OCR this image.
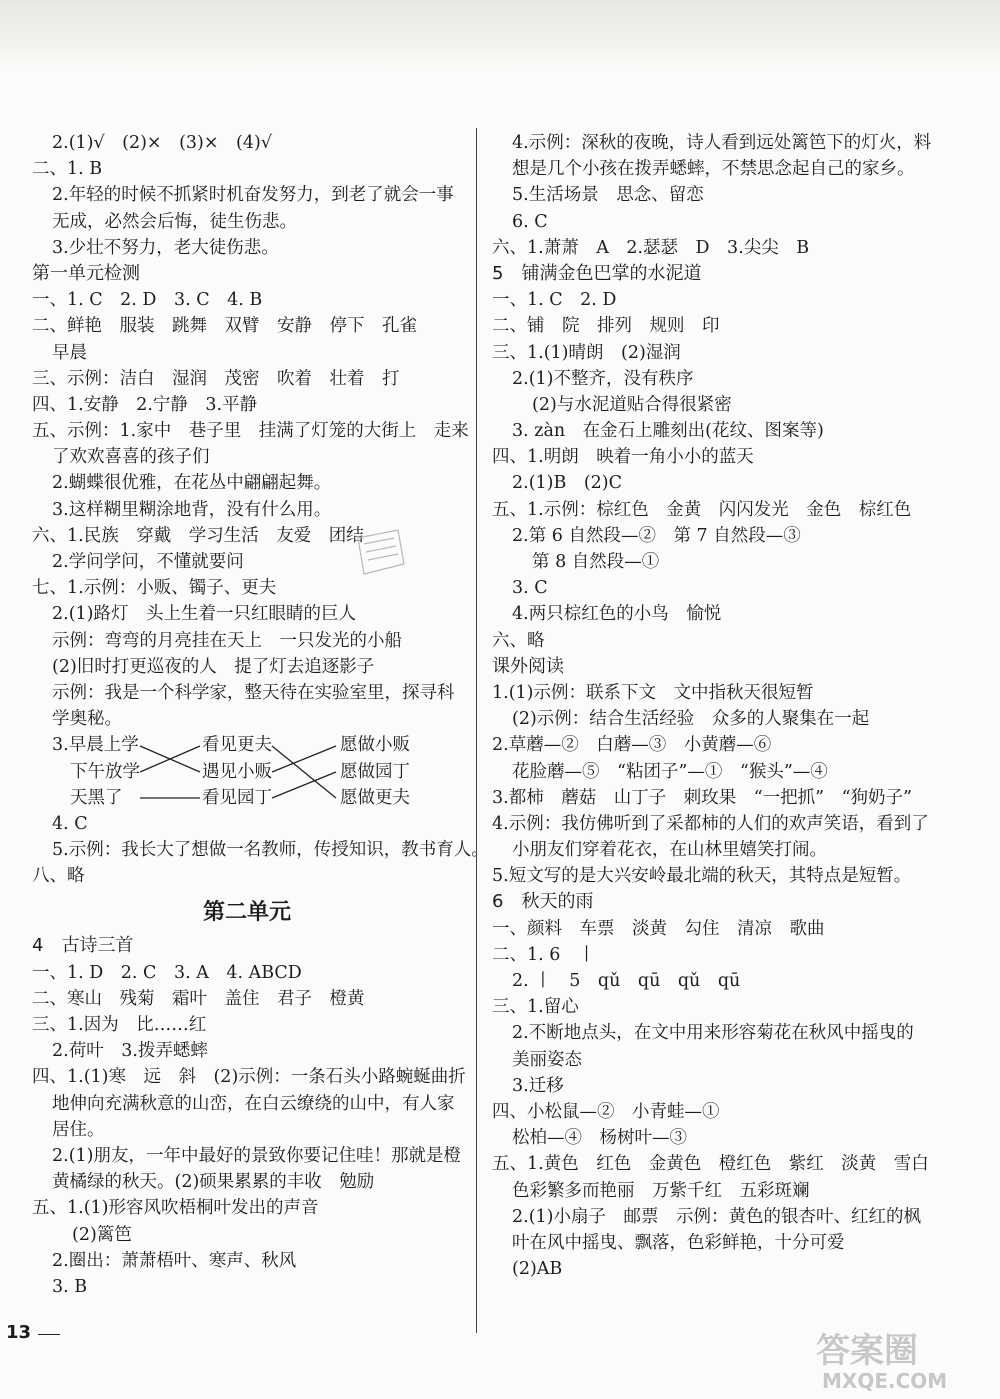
2.(1)√　(2)×　(3)×　(4)√
二、1. B
2.年轻的时候不抓紧时机奋发努力，到老了就会一事
无成，必然会后悔，徒生伤悲。
3.少壮不努力，老大徒伤悲。
第一单元检测
一、1. C　2. D　3. C　4. B
二、鲜艳　服装　跳舞　双臂　安静　停下　孔雀
早晨
三、示例：洁白　湿润　茂密　吹着　壮着　打
四、1.安静　2.宁静　3.平静
五、示例：1.家中　巷子里　挂满了灯笼的大街上　走来
了欢欢喜喜的孩子们
2.蝴蝶很优雅，在花丛中翩翩起舞。
3.这样糊里糊涂地背，没有什么用。
六、1.民族　穿戴　学习生活　友爱　团结
2.学问学问，不懂就要问
七、1.示例：小贩、镯子、更夫
2.(1)路灯　头上生着一只红眼睛的巨人
示例：弯弯的月亮挂在天上　一只发光的小船
(2)旧时打更巡夜的人　提了灯去追逐影子
示例：我是一个科学家，整天待在实验室里，探寻科
学奥秘。
3.早晨上学
下午放学
天黑了
看见更夫
遇见小贩
看见园丁
愿做小贩
愿做园丁
愿做更夫
4. C
5.示例：我长大了想做一名教师，传授知识，教书育人。
八、略
第二单元
4　古诗三首
一、1. D　2. C　3. A　4. ABCD
二、寒山　残菊　霜叶　盖住　君子　橙黄
三、1.因为　比……红
2.荷叶　3.拨弄蟋蟀
四、1.(1)寒　远　斜　(2)示例：一条石头小路蜿蜒曲折
地伸向充满秋意的山峦，在白云缭绕的山中，有人家
居住。
2.(1)朋友，一年中最好的景致你要记住哇！那就是橙
黄橘绿的秋天。(2)硕果累累的丰收　勉励
五、1.(1)形容风吹梧桐叶发出的声音
(2)篱笆
2.圈出：萧萧梧叶、寒声、秋风
3. B
4.示例：深秋的夜晚，诗人看到远处篱笆下的灯火，料
想是几个小孩在拨弄蟋蟀，不禁思念起自己的家乡。
5.生活场景　思念、留恋
6. C
六、1.萧萧　A　2.瑟瑟　D　3.尖尖　B
5　铺满金色巴掌的水泥道
一、1. C　2. D
二、铺　院　排列　规则　印
三、1.(1)晴朗　(2)湿润
2.(1)不整齐，没有秩序
(2)与水泥道贴合得很紧密
3. zàn　在金石上雕刻出(花纹、图案等)
四、1.明朗　映着一角小小的蓝天
2.(1)B　(2)C
五、1.示例：棕红色　金黄　闪闪发光　金色　棕红色
2.第 6 自然段—②　第 7 自然段—③
第 8 自然段—①
3. C
4.两只棕红色的小鸟　愉悦
六、略
课外阅读
1.(1)示例：联系下文　文中指秋天很短暂
(2)示例：结合生活经验　众多的人聚集在一起
2.草蘑—②　白蘑—③　小黄蘑—⑥
花脸蘑—⑤　“粘团子”—①　“猴头”—④
3.都柿　蘑菇　山丁子　刺玫果　“一把抓”　“狗奶子”
4.示例：我仿佛听到了采都柿的人们的欢声笑语，看到了
小朋友们穿着花衣，在山林里嬉笑打闹。
5.短文写的是大兴安岭最北端的秋天，其特点是短暂。
6　秋天的雨
一、颜料　车票　淡黄　勾住　清凉　歌曲
二、1. 6　丨
2. 丨　5　qǔ　qū　qǔ　qū
三、1.留心
2.不断地点头，在文中用来形容菊花在秋风中摇曳的
美丽姿态
3.迁移
四、小松鼠—②　小青蛙—①
松柏—④　杨树叶—③
五、1.黄色　红色　金黄色　橙红色　紫红　淡黄　雪白
色彩繁多而艳丽　万紫千红　五彩斑斓
2.(1)小扇子　邮票　示例：黄色的银杏叶、红红的枫
叶在风中摇曳、飘落，色彩鲜艳，十分可爱
(2)AB
13	答案圈
MXQE.COM
